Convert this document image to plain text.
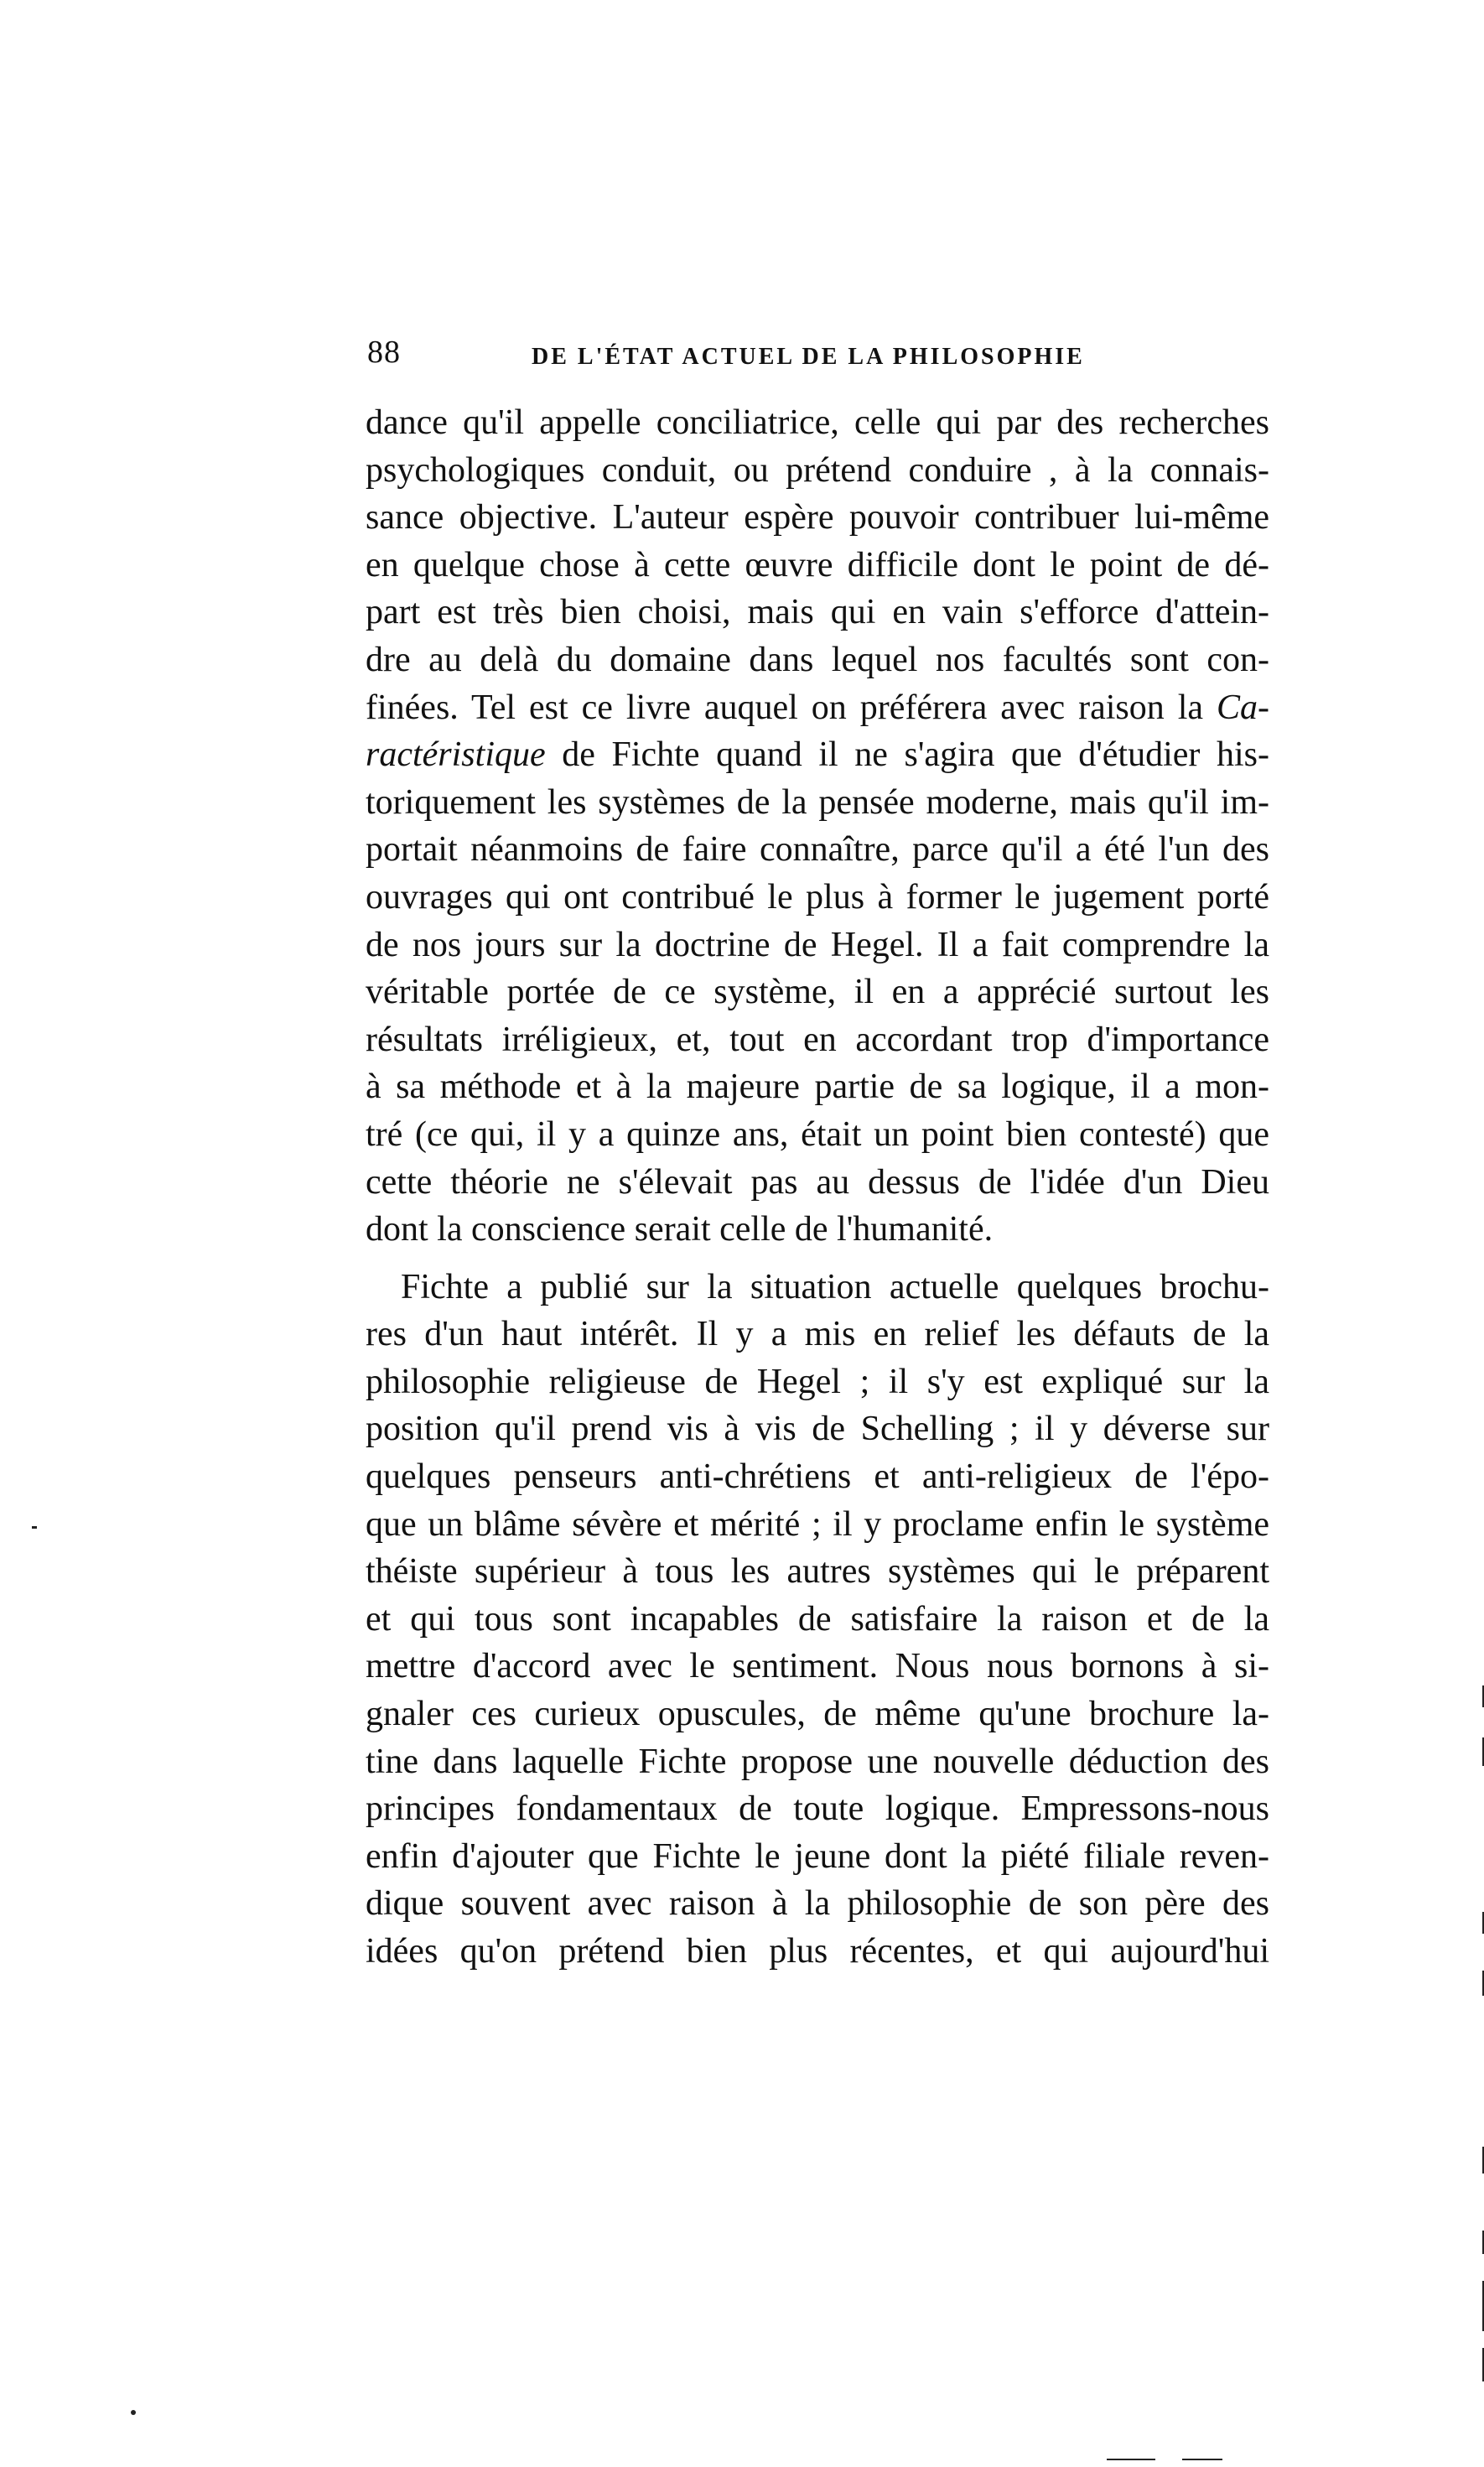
88	DE L'ÉTAT ACTUEL DE LA PHILOSOPHIE
dance qu'il appelle conciliatrice, celle qui par des recherches
psychologiques conduit, ou prétend conduire , à la connais-
sance objective. L'auteur espère pouvoir contribuer lui-même
en quelque chose à cette œuvre difficile dont le point de dé-
part est très bien choisi, mais qui en vain s'efforce d'attein-
dre au delà du domaine dans lequel nos facultés sont con-
finées. Tel est ce livre auquel on préférera avec raison la Ca-
ractéristique de Fichte quand il ne s'agira que d'étudier his-
toriquement les systèmes de la pensée moderne, mais qu'il im-
portait néanmoins de faire connaître, parce qu'il a été l'un des
ouvrages qui ont contribué le plus à former le jugement porté
de nos jours sur la doctrine de Hegel. Il a fait comprendre la
véritable portée de ce système, il en a apprécié surtout les
résultats irréligieux, et, tout en accordant trop d'importance
à sa méthode et à la majeure partie de sa logique, il a mon-
tré (ce qui, il y a quinze ans, était un point bien contesté) que
cette théorie ne s'élevait pas au dessus de l'idée d'un Dieu
dont la conscience serait celle de l'humanité.
Fichte a publié sur la situation actuelle quelques brochu-
res d'un haut intérêt. Il y a mis en relief les défauts de la
philosophie religieuse de Hegel ; il s'y est expliqué sur la
position qu'il prend vis à vis de Schelling ; il y déverse sur
quelques penseurs anti-chrétiens et anti-religieux de l'épo-
que un blâme sévère et mérité ; il y proclame enfin le système
théiste supérieur à tous les autres systèmes qui le préparent
et qui tous sont incapables de satisfaire la raison et de la
mettre d'accord avec le sentiment. Nous nous bornons à si-
gnaler ces curieux opuscules, de même qu'une brochure la-
tine dans laquelle Fichte propose une nouvelle déduction des
principes fondamentaux de toute logique. Empressons-nous
enfin d'ajouter que Fichte le jeune dont la piété filiale reven-
dique souvent avec raison à la philosophie de son père des
idées qu'on prétend bien plus récentes, et qui aujourd'hui
